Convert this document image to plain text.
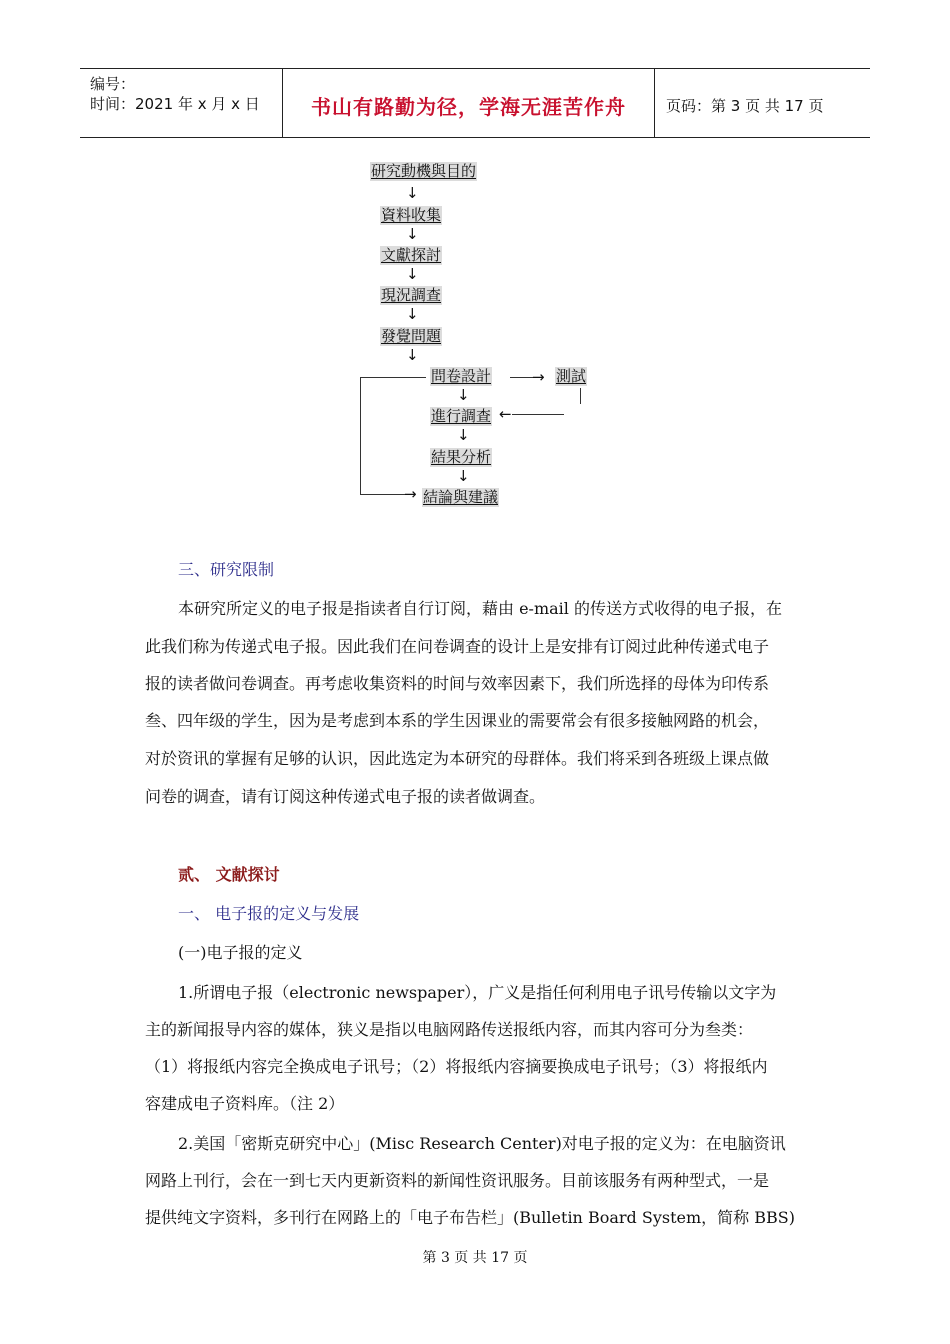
编号：
时间：2021 年 x 月 x 日	书山有路勤为径，学海无涯苦作舟	页码：第 3 页 共 17 页
研究動機與目的
↓
資料收集
↓
文獻探討
↓
現況調查
↓
發覺問題
↓
→
問卷設計	→ 測試
↓
進行調查 ←
↓
結果分析
↓
結論與建議
三、研究限制
本研究所定义的电子报是指读者自行订阅，藉由 e-mail 的传送方式收得的电子报，在
此我们称为传递式电子报。因此我们在问卷调查的设计上是安排有订阅过此种传递式电子
报的读者做问卷调查。再考虑收集资料的时间与效率因素下，我们所选择的母体为印传系
叁、四年级的学生，因为是考虑到本系的学生因课业的需要常会有很多接触网路的机会，
对於资讯的掌握有足够的认识，因此选定为本研究的母群体。我们将采到各班级上课点做
问卷的调查，请有订阅这种传递式电子报的读者做调查。
贰、 文献探讨
一、 电子报的定义与发展
(一)电子报的定义
1.所谓电子报（electronic newspaper），广义是指任何利用电子讯号传输以文字为
主的新闻报导内容的媒体，狭义是指以电脑网路传送报纸内容，而其内容可分为叁类：
（1）将报纸内容完全换成电子讯号；（2）将报纸内容摘要换成电子讯号；（3）将报纸内
容建成电子资料库。（注 2）
2.美国「密斯克研究中心」(Misc Research Center)对电子报的定义为：在电脑资讯
网路上刊行，会在一到七天内更新资料的新闻性资讯服务。目前该服务有两种型式，一是
提供纯文字资料，多刊行在网路上的「电子布告栏」(Bulletin Board System，简称 BBS)
第 3 页 共 17 页
